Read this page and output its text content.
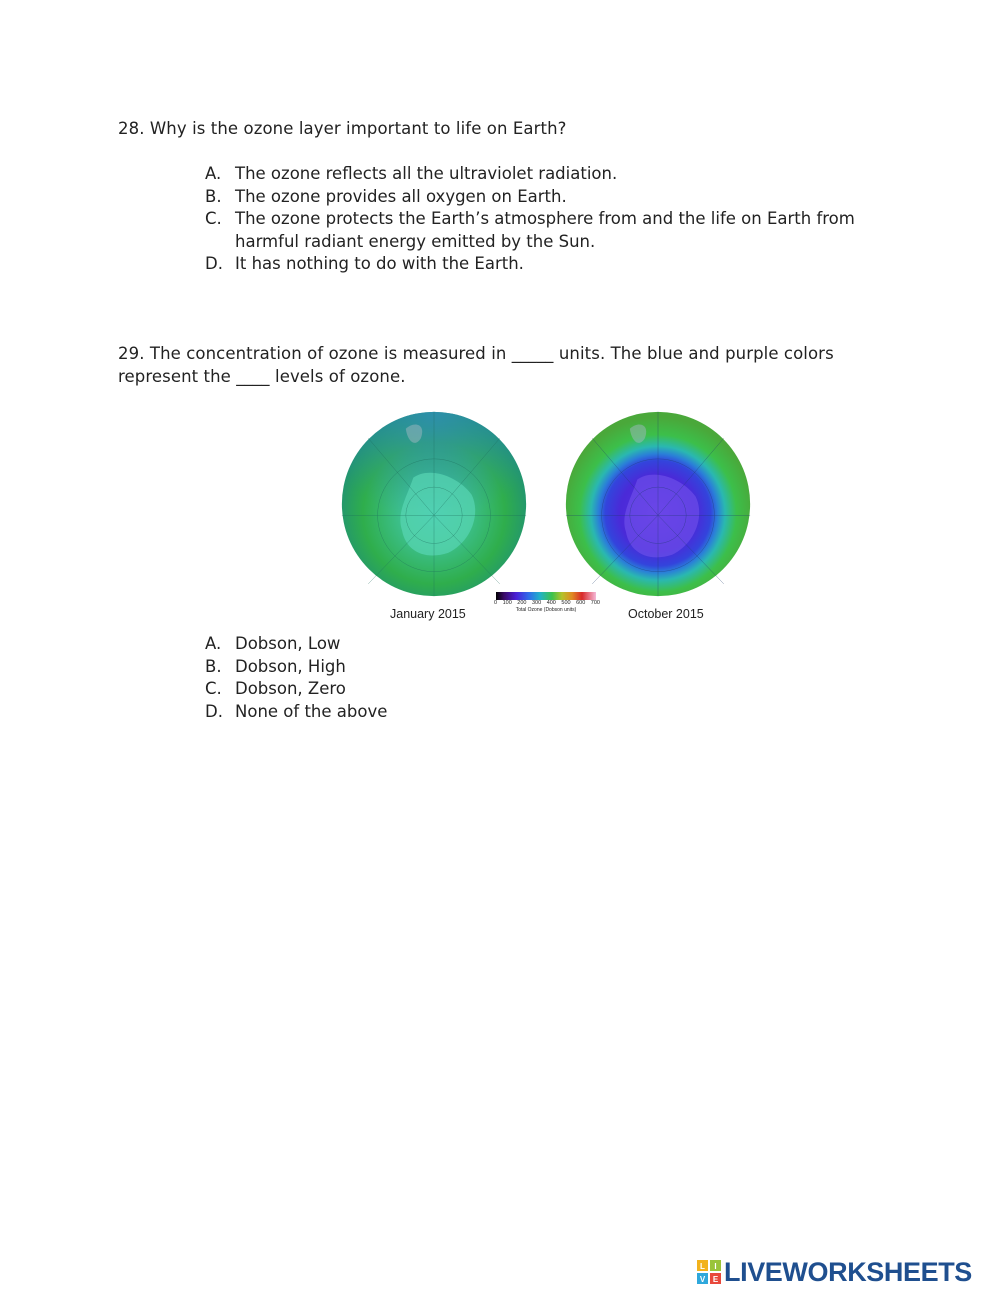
28. Why is the ozone layer important to life on Earth?

A. The ozone reflects all the ultraviolet radiation.
B. The ozone provides all oxygen on Earth.
C. The ozone protects the Earth’s atmosphere from and the life on Earth from harmful radiant energy emitted by the Sun.
D. It has nothing to do with the Earth.

29. The concentration of ozone is measured in _____ units. The blue and purple colors represent the ____ levels of ozone.

0 100 200 300 400 500 600 700
Total Ozone (Dobson units)
January 2015	October 2015
A. Dobson, Low
B. Dobson, High
C. Dobson, Zero
D. None of the above
L I
V E LIVEWORKSHEETS
